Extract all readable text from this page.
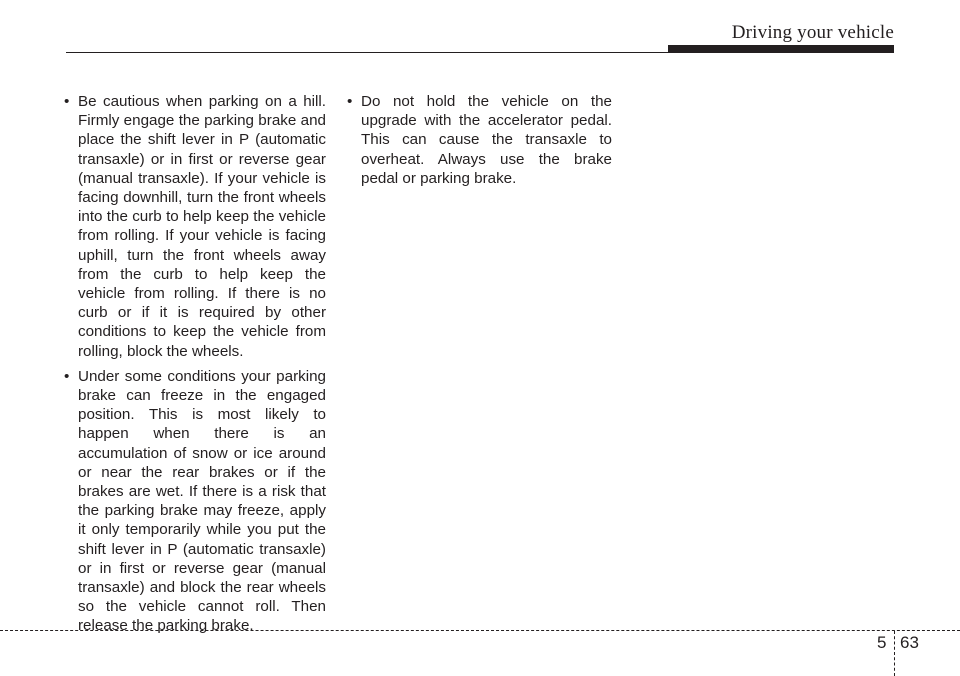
Driving your vehicle
• Be cautious when parking on a hill. Firmly engage the parking brake and place the shift lever in P (automatic transaxle) or in first or reverse gear (manual transaxle). If your vehicle is facing downhill, turn the front wheels into the curb to help keep the vehicle from rolling. If your vehicle is facing uphill, turn the front wheels away from the curb to help keep the vehicle from rolling. If there is no curb or if it is required by other conditions to keep the vehicle from rolling, block the wheels.
• Under some conditions your parking brake can freeze in the engaged position. This is most likely to happen when there is an accumulation of snow or ice around or near the rear brakes or if the brakes are wet. If there is a risk that the parking brake may freeze, apply it only temporarily while you put the shift lever in P (automatic transaxle) or in first or reverse gear (manual transaxle) and block the rear wheels so the vehicle cannot roll. Then release the parking brake.
• Do not hold the vehicle on the upgrade with the accelerator pedal. This can cause the transaxle to overheat. Always use the brake pedal or parking brake.
5 63
